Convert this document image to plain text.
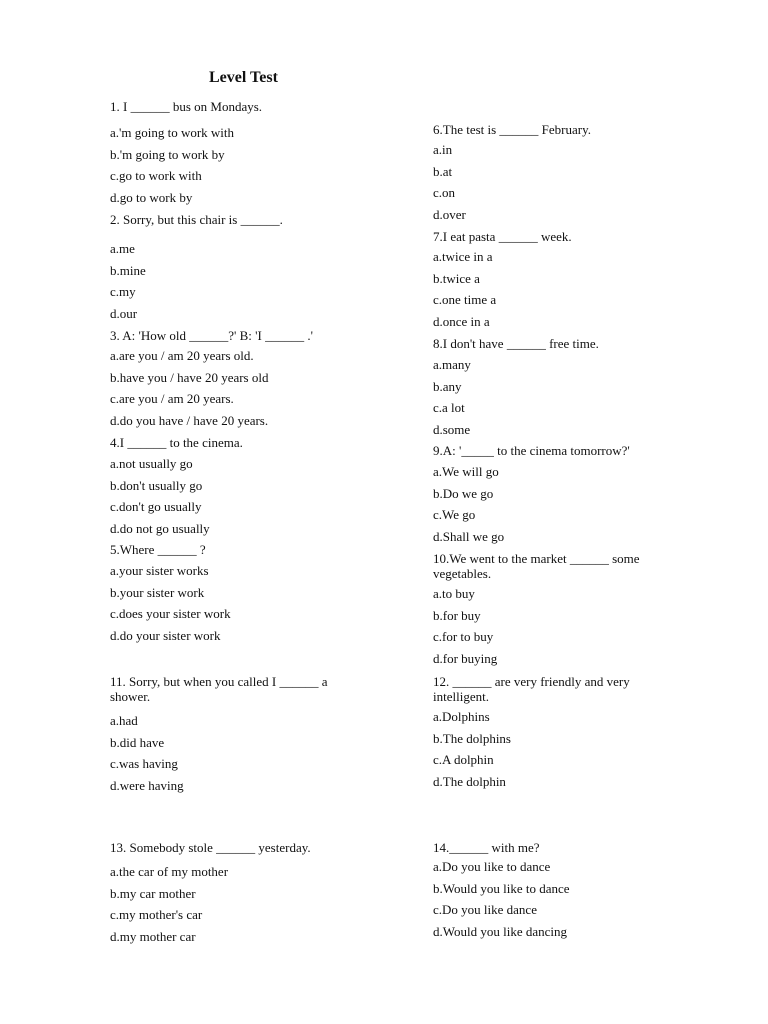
Level Test

1. I ______ bus on Mondays.

a.'m going to work with
b.'m going to work by
c.go to work with
d.go to work by

2. Sorry, but this chair is ______.

a.me
b.mine
c.my
d.our

3. A: 'How old ______?' B: 'I ______ .'

a.are you / am 20 years old.
b.have you / have 20 years old
c.are you / am 20 years.
d.do you have / have 20 years.

4.I ______ to the cinema.

a.not usually go
b.don't usually go
c.don't go usually
d.do not go usually

5.Where ______ ?

a.your sister works
b.your sister work
c.does your sister work
d.do your sister work

6.The test is ______ February.

a.in
b.at
c.on
d.over

7.I eat pasta ______ week.

a.twice in a
b.twice a
c.one time a
d.once in a

8.I don't have ______ free time.

a.many
b.any
c.a lot
d.some

9.A: '_____ to the cinema tomorrow?'

a.We will go
b.Do we go
c.We go
d.Shall we go

10.We went to the market ______ some vegetables.

a.to buy
b.for buy
c.for to buy
d.for buying

11. Sorry, but when you called I ______ a shower.

a.had
b.did have
c.was having
d.were having

12. ______ are very friendly and very intelligent.

a.Dolphins
b.The dolphins
c.A dolphin
d.The dolphin

13. Somebody stole ______ yesterday.

a.the car of my mother
b.my car mother
c.my mother's car
d.my mother car

14.______ with me?

a.Do you like to dance
b.Would you like to dance
c.Do you like dance
d.Would you like dancing
